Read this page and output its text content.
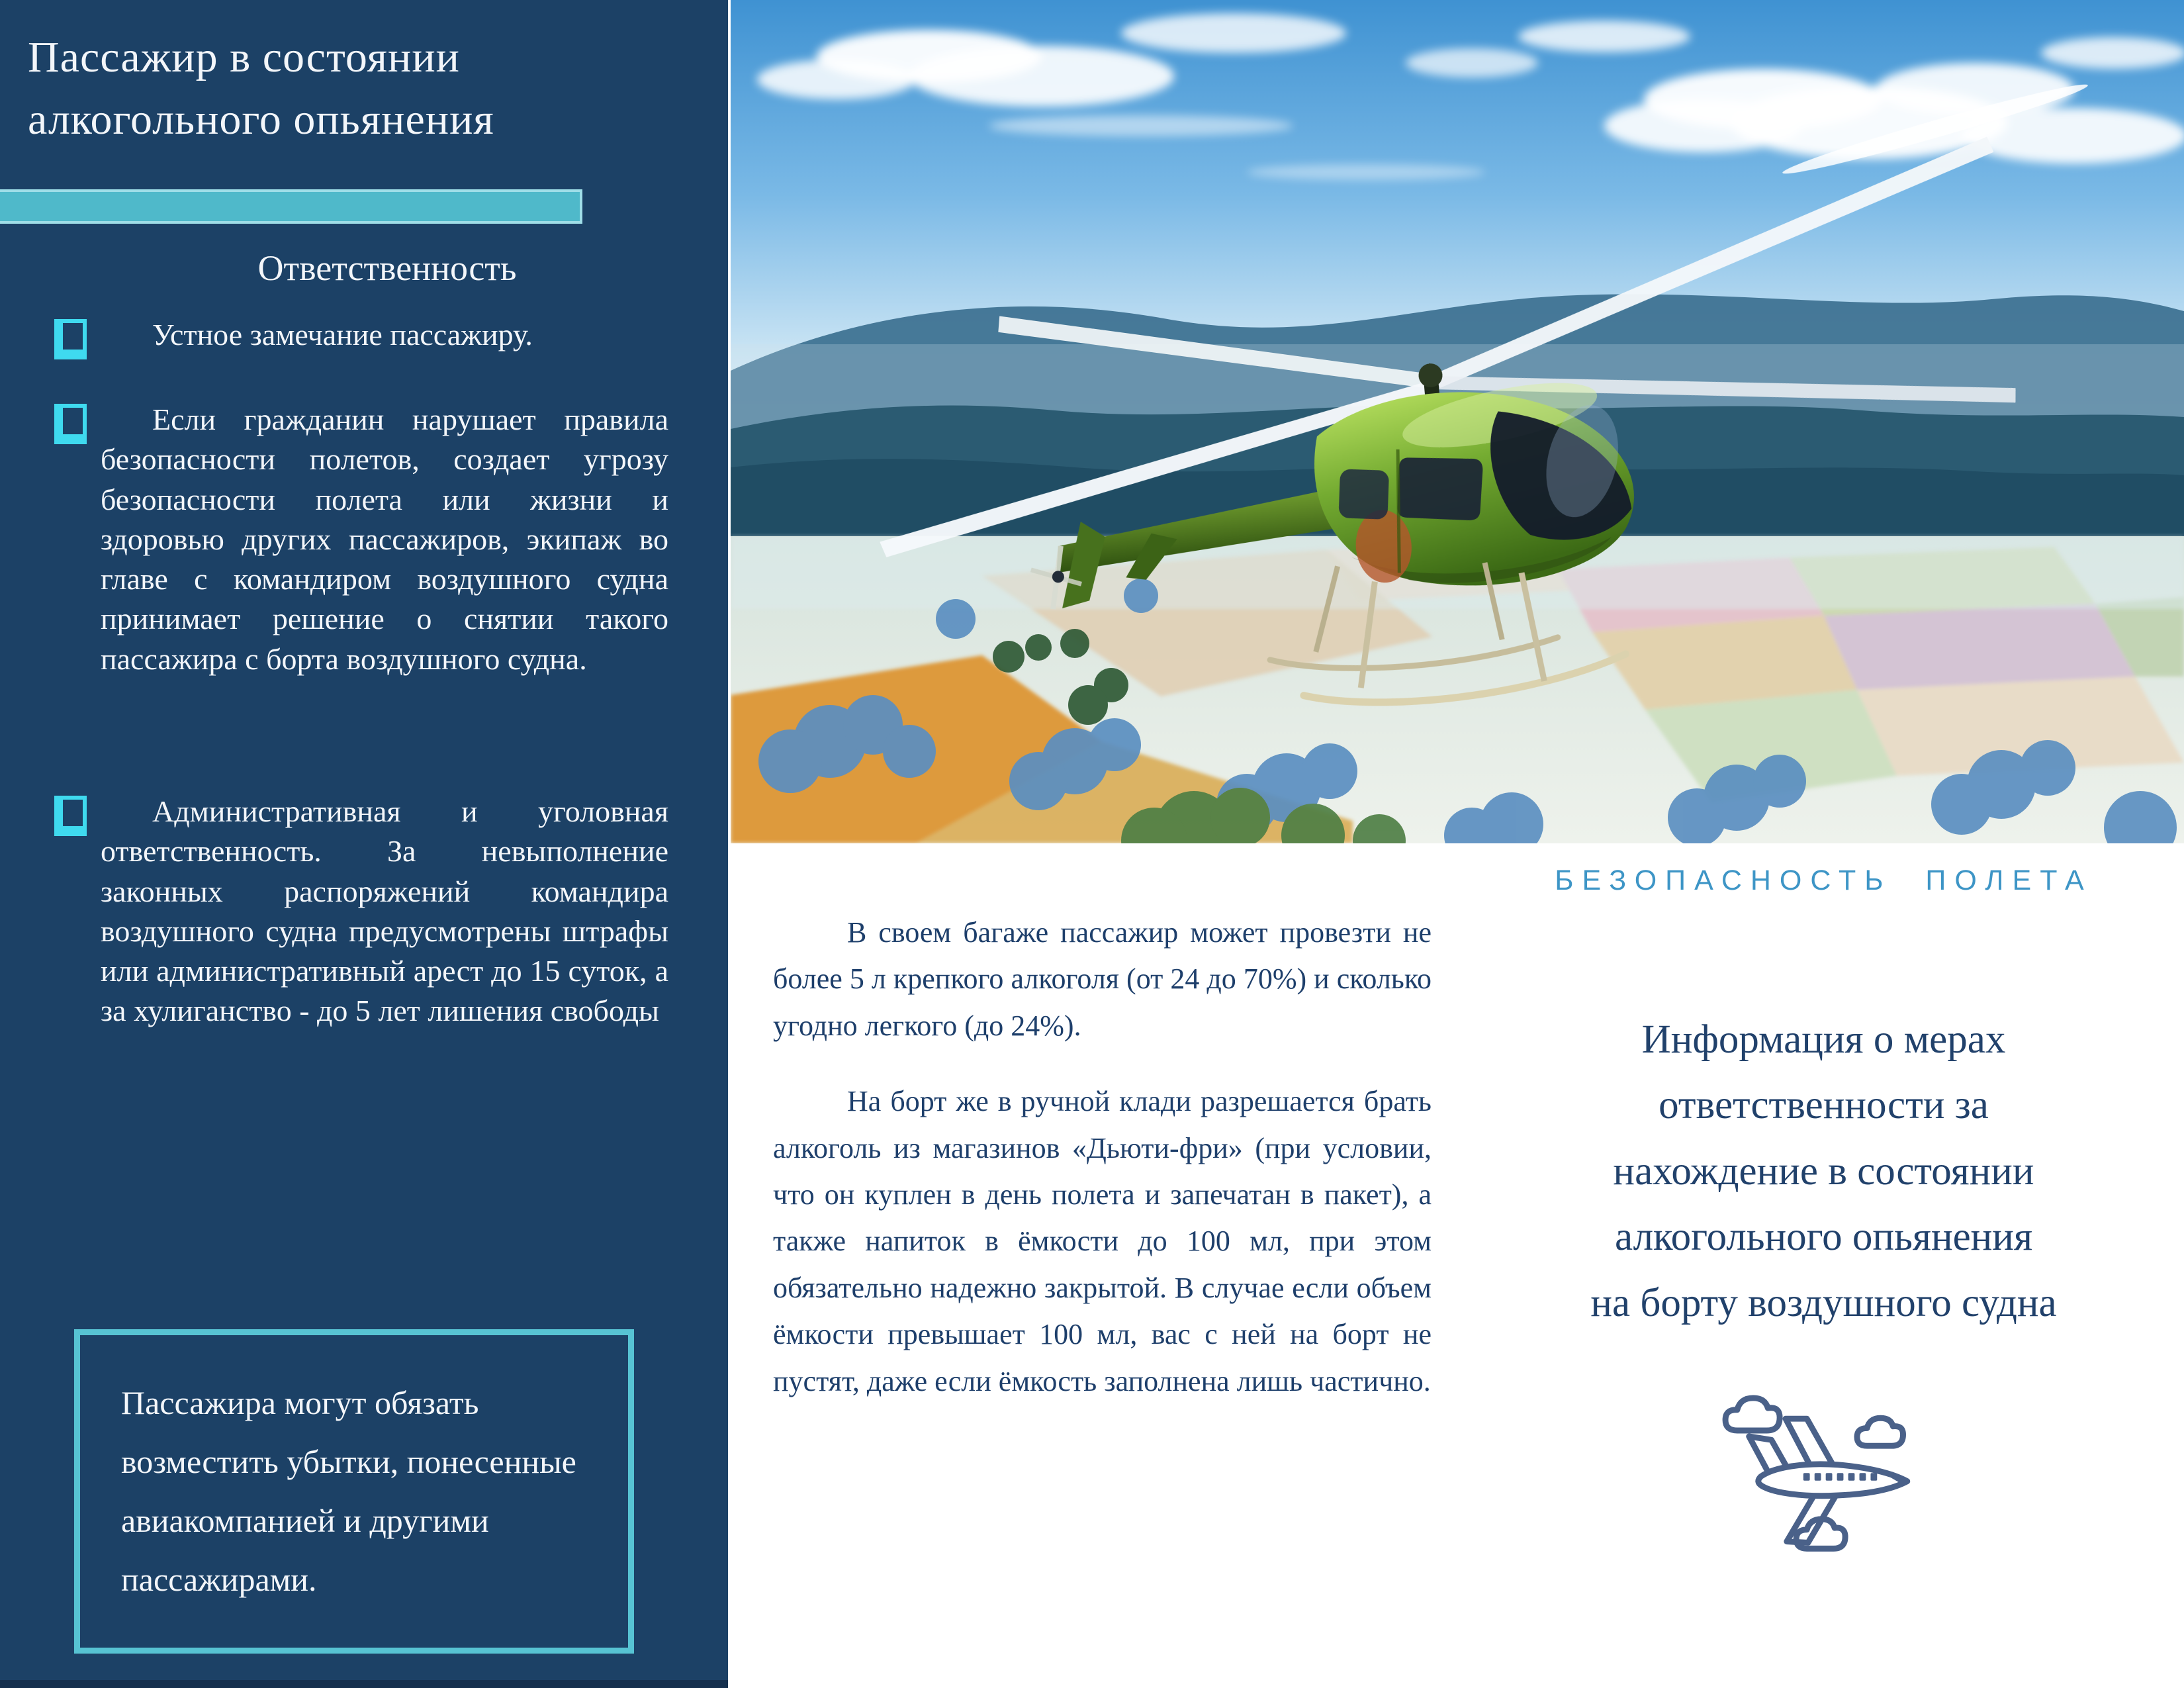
Пассажир в состоянии алкогольного опьянения
Ответственность
Устное замечание пассажиру.
Если гражданин нарушает правила безопасности полетов, создает угрозу безопасности полета или жизни и здоровью других пассажиров, экипаж во главе с командиром воздушного судна принимает решение о снятии такого пассажира с борта воздушного судна.
Административная и уголовная ответственность. За невыполнение законных распоряжений командира воздушного судна предусмотрены штрафы или административный арест до 15 суток, а за хулиганство - до 5 лет лишения свободы
Пассажира могут обязать возместить убытки, понесенные авиакомпанией и другими пассажирами.

В своем багаже пассажир может провезти не более 5 л крепкого алкоголя (от 24 до 70%) и сколько угодно легкого (до 24%).

На борт же в ручной клади разрешается брать алкоголь из магазинов «Дьюти-фри» (при условии, что он куплен в день полета и запечатан в пакет), а также напиток в ёмкости до 100 мл, при этом обязательно надежно закрытой. В случае если объем ёмкости превышает 100 мл, вас с ней на борт не пустят, даже если ёмкость заполнена лишь частично.

БЕЗОПАСНОСТЬ ПОЛЕТА
Информация о мерах
ответственности за
нахождение в состоянии
алкогольного опьянения
на борту воздушного судна
